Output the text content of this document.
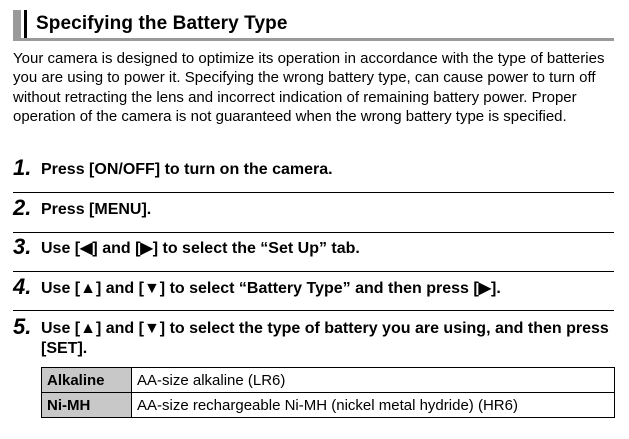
Specifying the Battery Type
Your camera is designed to optimize its operation in accordance with the type of batteries you are using to power it. Specifying the wrong battery type, can cause power to turn off without retracting the lens and incorrect indication of remaining battery power. Proper operation of the camera is not guaranteed when the wrong battery type is specified.
1. Press [ON/OFF] to turn on the camera.
2. Press [MENU].
3. Use [◀] and [▶] to select the “Set Up” tab.
4. Use [▲] and [▼] to select “Battery Type” and then press [▶].
5. Use [▲] and [▼] to select the type of battery you are using, and then press [SET].
Alkaline	AA-size alkaline (LR6)
Ni-MH	AA-size rechargeable Ni-MH (nickel metal hydride) (HR6)
